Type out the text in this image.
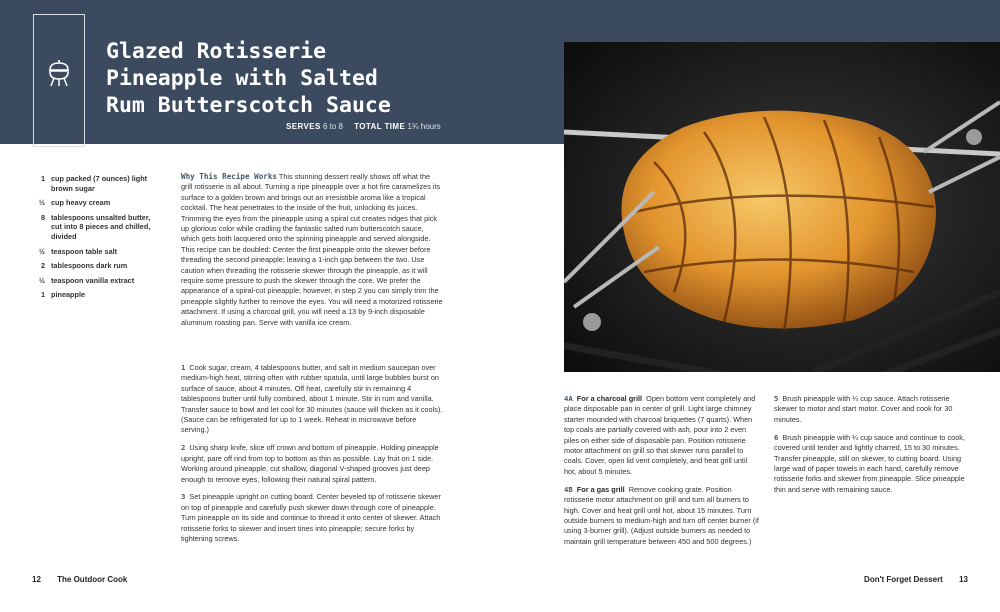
Glazed Rotisserie
Pineapple with Salted
Rum Butterscotch Sauce
SERVES 6 to 8 TOTAL TIME 1¾ hours
1 cup packed (7 ounces) light brown sugar
½ cup heavy cream
8 tablespoons unsalted butter, cut into 8 pieces and chilled, divided
½ teaspoon table salt
2 tablespoons dark rum
½ teaspoon vanilla extract
1 pineapple
Why This Recipe Works This stunning dessert really shows off what the grill rotisserie is all about. Turning a ripe pineapple over a hot fire caramelizes its surface to a golden brown and brings out an irresistible aroma like a tropical cocktail. The heat penetrates to the inside of the fruit, unlocking its juices. Trimming the eyes from the pineapple using a spiral cut creates ridges that pick up glorious color while cradling the fantastic salted rum butterscotch sauce, which gets both lacquered onto the spinning pineapple and served alongside. This recipe can be doubled: Center the first pineapple onto the skewer before threading the second pineapple; leaving a 1-inch gap between the two. Use caution when threading the rotisserie skewer through the pineapple, as it will require some pressure to push the skewer through the core. We prefer the appearance of a spiral-cut pineapple; however, in step 2 you can simply trim the pineapple slightly further to remove the eyes. You will need a motorized rotisserie attachment. If using a charcoal grill, you will need a 13 by 9-inch disposable aluminum roasting pan. Serve with vanilla ice cream.

1 Cook sugar, cream, 4 tablespoons butter, and salt in medium saucepan over medium-high heat, stirring often with rubber spatula, until large bubbles burst on surface of sauce, about 4 minutes. Off heat, carefully stir in remaining 4 tablespoons butter until fully combined, about 1 minute. Stir in rum and vanilla. Transfer sauce to bowl and let cool for 30 minutes (sauce will thicken as it cools). (Sauce can be refrigerated for up to 1 week. Reheat in microwave before serving.)

2 Using sharp knife, slice off crown and bottom of pineapple. Holding pineapple upright, pare off rind from top to bottom as thin as possible. Lay fruit on 1 side. Working around pineapple, cut shallow, diagonal V-shaped grooves just deep enough to remove eyes, following their natural spiral pattern.

3 Set pineapple upright on cutting board. Center beveled tip of rotisserie skewer on top of pineapple and carefully push skewer down through core of pineapple. Turn pineapple on its side and continue to thread it onto center of skewer. Attach rotisserie forks to skewer and insert tines into pineapple; secure forks by tightening screws.

4A For a charcoal grill Open bottom vent completely and place disposable pan in center of grill. Light large chimney starter mounded with charcoal briquettes (7 quarts). When top coals are partially covered with ash, pour into 2 even piles on either side of disposable pan. Position rotisserie motor attachment on grill so that skewer runs parallel to coals. Cover, open lid vent completely, and heat grill until hot, about 5 minutes.

4B For a gas grill Remove cooking grate. Position rotisserie motor attachment on grill and turn all burners to high. Cover and heat grill until hot, about 15 minutes. Turn outside burners to medium-high and turn off center burner (if using 3-burner grill). (Adjust outside burners as needed to maintain grill temperature between 450 and 500 degrees.)

5 Brush pineapple with ¼ cup sauce. Attach rotisserie skewer to motor and start motor. Cover and cook for 30 minutes.

6 Brush pineapple with ¼ cup sauce and continue to cook, covered until tender and lightly charred, 15 to 30 minutes. Transfer pineapple, still on skewer, to cutting board. Using large wad of paper towels in each hand, carefully remove rotisserie forks and skewer from pineapple. Slice pineapple thin and serve with remaining sauce.

12 The Outdoor Cook	Don't Forget Dessert 13
